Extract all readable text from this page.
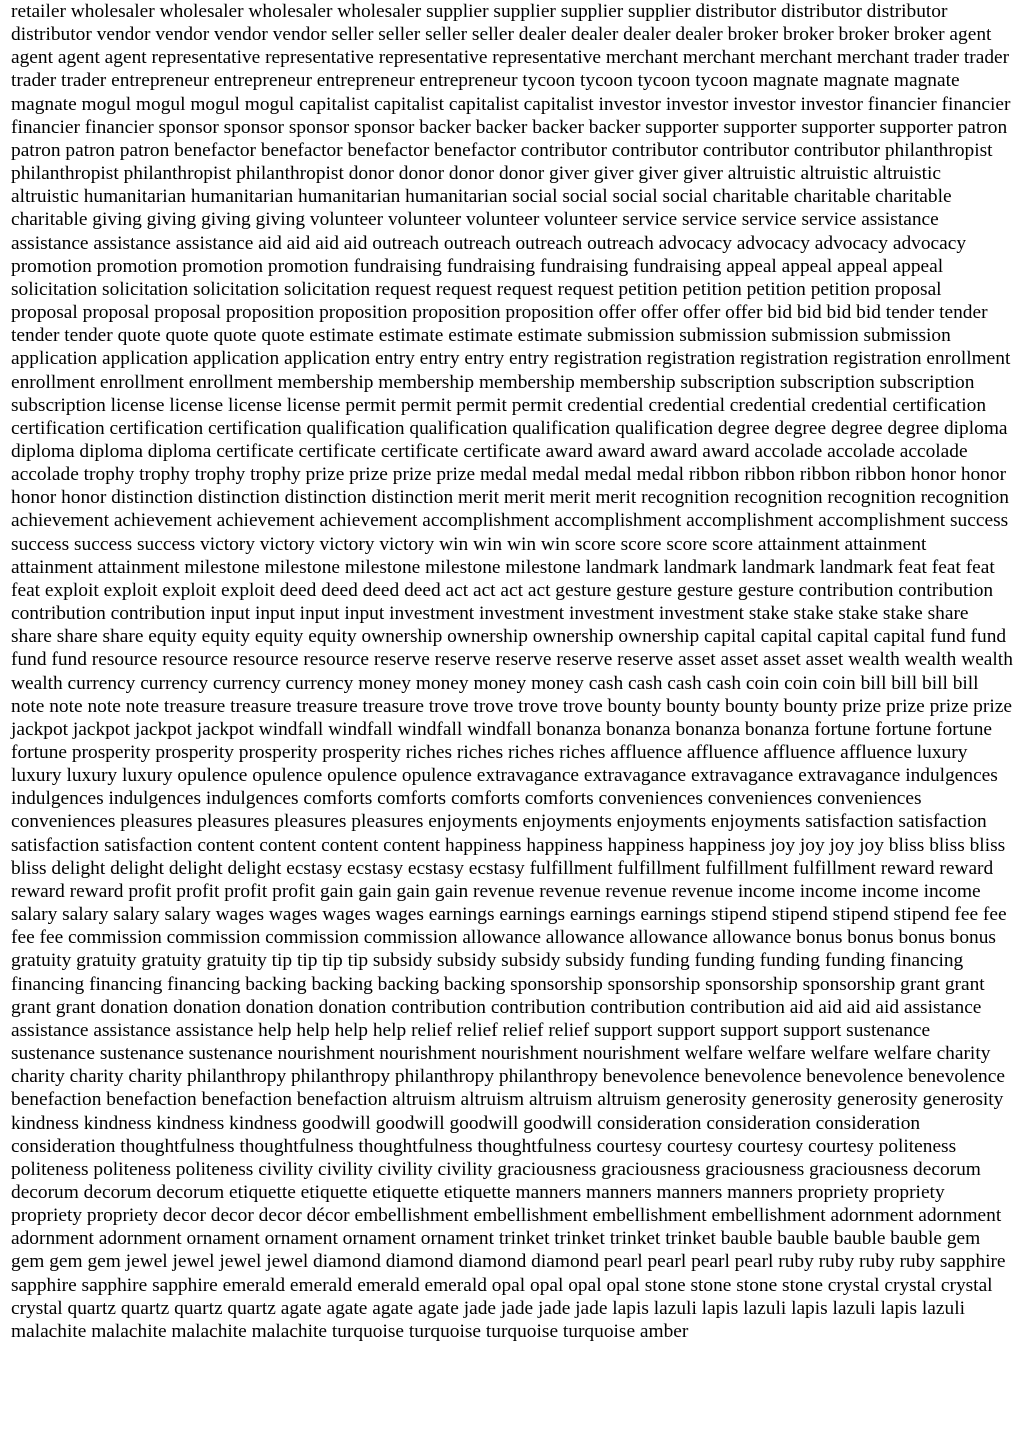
retailer wholesaler wholesaler wholesaler wholesaler supplier supplier supplier supplier distributor distributor distributor distributor vendor vendor vendor vendor seller seller seller seller dealer dealer dealer dealer broker broker broker broker agent agent agent agent representative representative representative representative merchant merchant merchant merchant trader trader trader trader entrepreneur entrepreneur entrepreneur entrepreneur tycoon tycoon tycoon tycoon magnate magnate magnate magnate mogul mogul mogul mogul capitalist capitalist capitalist capitalist investor investor investor investor financier financier financier financier sponsor sponsor sponsor sponsor backer backer backer backer supporter supporter supporter supporter patron patron patron patron benefactor benefactor benefactor benefactor contributor contributor contributor contributor philanthropist philanthropist philanthropist philanthropist donor donor donor donor giver giver giver giver altruistic altruistic altruistic altruistic humanitarian humanitarian humanitarian humanitarian social social social social charitable charitable charitable charitable giving giving giving giving volunteer volunteer volunteer volunteer service service service service assistance assistance assistance assistance aid aid aid aid outreach outreach outreach outreach advocacy advocacy advocacy advocacy promotion promotion promotion promotion fundraising fundraising fundraising fundraising appeal appeal appeal appeal solicitation solicitation solicitation solicitation request request request request petition petition petition petition proposal proposal proposal proposal proposition proposition proposition proposition offer offer offer offer bid bid bid bid tender tender tender tender quote quote quote quote estimate estimate estimate estimate submission submission submission submission application application application application entry entry entry entry registration registration registration registration enrollment enrollment enrollment enrollment membership membership membership membership subscription subscription subscription subscription license license license license permit permit permit permit credential credential credential credential certification certification certification certification qualification qualification qualification qualification degree degree degree degree diploma diploma diploma diploma certificate certificate certificate certificate award award award award accolade accolade accolade accolade trophy trophy trophy trophy prize prize prize prize medal medal medal medal ribbon ribbon ribbon ribbon honor honor honor honor distinction distinction distinction distinction merit merit merit merit recognition recognition recognition recognition achievement achievement achievement achievement accomplishment accomplishment accomplishment accomplishment success success success success victory victory victory victory win win win win score score score score attainment attainment attainment attainment milestone milestone milestone milestone milestone landmark landmark landmark landmark feat feat feat feat exploit exploit exploit exploit deed deed deed deed act act act act gesture gesture gesture gesture contribution contribution contribution contribution input input input input investment investment investment investment stake stake stake stake share share share share equity equity equity equity ownership ownership ownership ownership capital capital capital capital fund fund fund fund resource resource resource resource reserve reserve reserve reserve reserve asset asset asset asset wealth wealth wealth wealth currency currency currency currency money money money money cash cash cash cash coin coin coin bill bill bill bill note note note note treasure treasure treasure treasure trove trove trove trove bounty bounty bounty bounty prize prize prize prize jackpot jackpot jackpot jackpot windfall windfall windfall windfall bonanza bonanza bonanza bonanza fortune fortune fortune fortune prosperity prosperity prosperity prosperity riches riches riches riches affluence affluence affluence affluence luxury luxury luxury luxury opulence opulence opulence opulence extravagance extravagance extravagance extravagance indulgences indulgences indulgences indulgences comforts comforts comforts comforts conveniences conveniences conveniences conveniences pleasures pleasures pleasures pleasures enjoyments enjoyments enjoyments enjoyments satisfaction satisfaction satisfaction satisfaction content content content content happiness happiness happiness happiness joy joy joy joy bliss bliss bliss bliss delight delight delight delight ecstasy ecstasy ecstasy ecstasy fulfillment fulfillment fulfillment fulfillment reward reward reward reward profit profit profit profit gain gain gain gain revenue revenue revenue revenue income income income income salary salary salary salary wages wages wages wages earnings earnings earnings earnings stipend stipend stipend stipend fee fee fee fee commission commission commission commission allowance allowance allowance allowance bonus bonus bonus bonus gratuity gratuity gratuity gratuity tip tip tip tip subsidy subsidy subsidy subsidy funding funding funding funding financing financing financing financing backing backing backing backing sponsorship sponsorship sponsorship sponsorship grant grant grant grant donation donation donation donation contribution contribution contribution contribution aid aid aid aid assistance assistance assistance assistance help help help help relief relief relief relief support support support support sustenance sustenance sustenance sustenance nourishment nourishment nourishment nourishment welfare welfare welfare welfare charity charity charity charity philanthropy philanthropy philanthropy philanthropy benevolence benevolence benevolence benevolence benefaction benefaction benefaction benefaction altruism altruism altruism altruism generosity generosity generosity generosity kindness kindness kindness kindness goodwill goodwill goodwill goodwill consideration consideration consideration consideration thoughtfulness thoughtfulness thoughtfulness thoughtfulness courtesy courtesy courtesy courtesy politeness politeness politeness politeness civility civility civility civility graciousness graciousness graciousness graciousness decorum decorum decorum decorum etiquette etiquette etiquette etiquette manners manners manners manners propriety propriety propriety propriety decor decor decor décor embellishment embellishment embellishment embellishment adornment adornment adornment adornment ornament ornament ornament ornament trinket trinket trinket trinket bauble bauble bauble bauble gem gem gem gem jewel jewel jewel jewel diamond diamond diamond diamond pearl pearl pearl pearl ruby ruby ruby ruby sapphire sapphire sapphire sapphire emerald emerald emerald emerald opal opal opal opal stone stone stone stone crystal crystal crystal crystal quartz quartz quartz quartz agate agate agate agate jade jade jade jade lapis lazuli lapis lazuli lapis lazuli lapis lazuli malachite malachite malachite malachite turquoise turquoise turquoise turquoise amber
